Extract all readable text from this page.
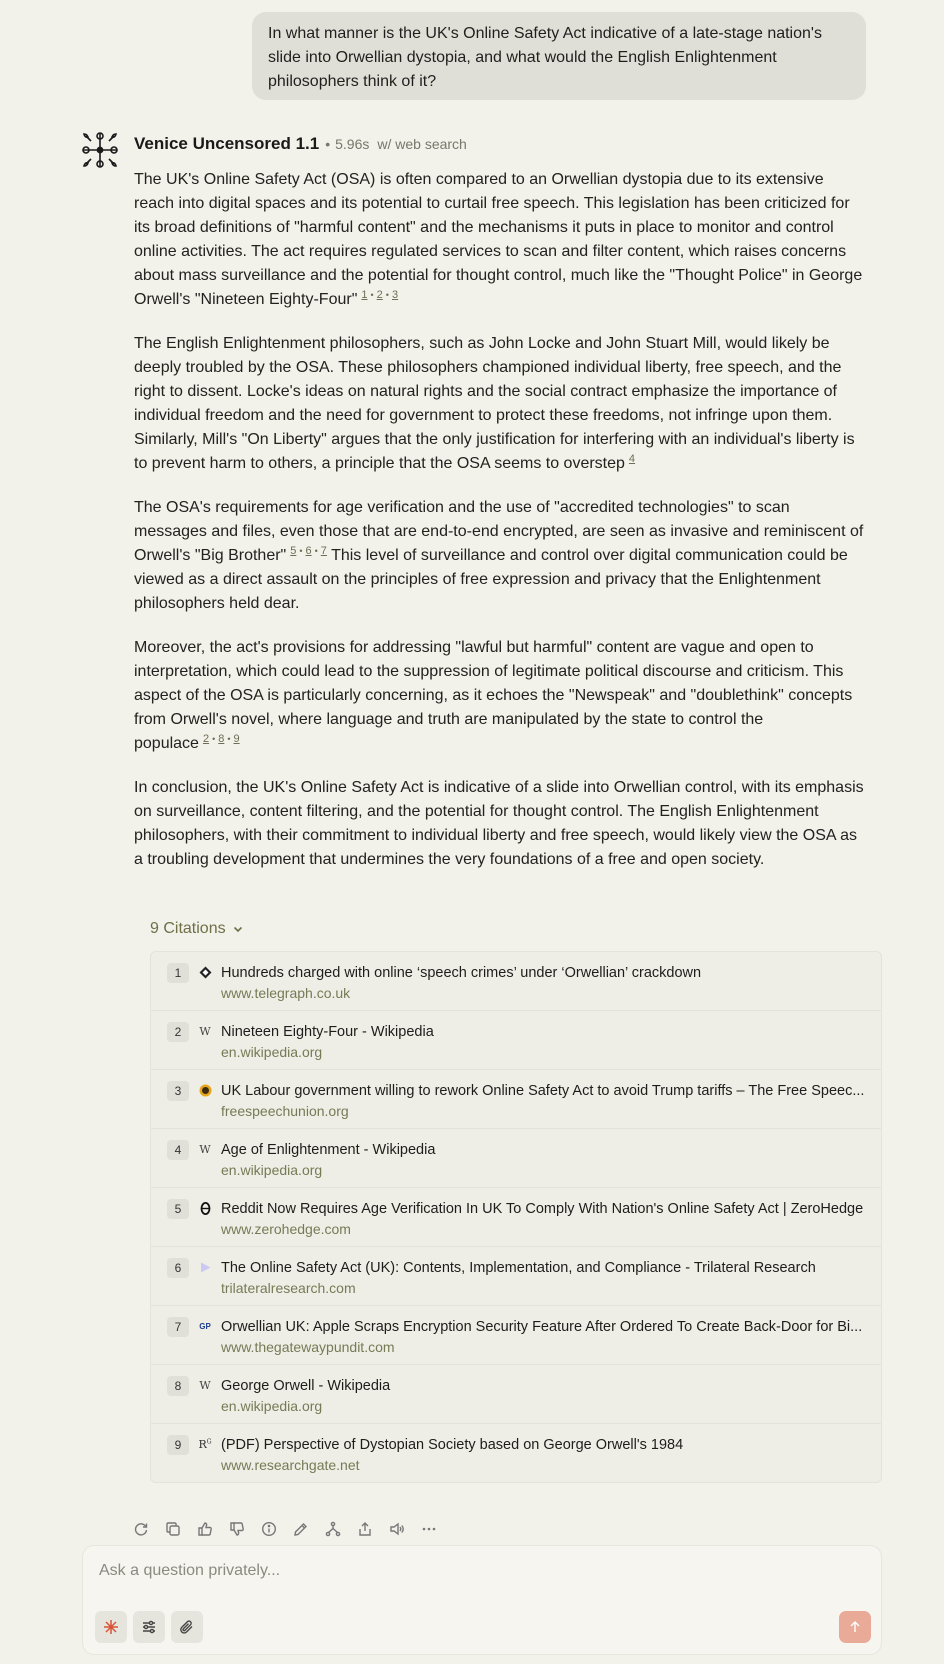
In what manner is the UK's Online Safety Act indicative of a late-stage nation's slide into Orwellian dystopia, and what would the English Enlightenment philosophers think of it?
Venice Uncensored 1.1 • 5.96s w/ web search

The UK's Online Safety Act (OSA) is often compared to an Orwellian dystopia due to its extensive reach into digital spaces and its potential to curtail free speech. This legislation has been criticized for its broad definitions of "harmful content" and the mechanisms it puts in place to monitor and control online activities. The act requires regulated services to scan and filter content, which raises concerns about mass surveillance and the potential for thought control, much like the "Thought Police" in George Orwell's "Nineteen Eighty-Four" $^{1 • 2 • 3}$

The English Enlightenment philosophers, such as John Locke and John Stuart Mill, would likely be deeply troubled by the OSA. These philosophers championed individual liberty, free speech, and the right to dissent. Locke's ideas on natural rights and the social contract emphasize the importance of individual freedom and the need for government to protect these freedoms, not infringe upon them. Similarly, Mill's "On Liberty" argues that the only justification for interfering with an individual's liberty is to prevent harm to others, a principle that the OSA seems to overstep $^4$

The OSA's requirements for age verification and the use of "accredited technologies" to scan messages and files, even those that are end-to-end encrypted, are seen as invasive and reminiscent of Orwell's "Big Brother" $^{5 • 6 • 7}$ This level of surveillance and control over digital communication could be viewed as a direct assault on the principles of free expression and privacy that the Enlightenment philosophers held dear.

Moreover, the act's provisions for addressing "lawful but harmful" content are vague and open to interpretation, which could lead to the suppression of legitimate political discourse and criticism. This aspect of the OSA is particularly concerning, as it echoes the "Newspeak" and "doublethink" concepts from Orwell's novel, where language and truth are manipulated by the state to control the populace $^{2 • 8 • 9}$

In conclusion, the UK's Online Safety Act is indicative of a slide into Orwellian control, with its emphasis on surveillance, content filtering, and the potential for thought control. The English Enlightenment philosophers, with their commitment to individual liberty and free speech, would likely view the OSA as a troubling development that undermines the very foundations of a free and open society.

9 Citations
1	Hundreds charged with online ‘speech crimes’ under ‘Orwellian’ crackdown
www.telegraph.co.uk
2	W Nineteen Eighty-Four - Wikipedia
en.wikipedia.org
3	UK Labour government willing to rework Online Safety Act to avoid Trump tariffs – The Free Speec...
freespeechunion.org
4	W Age of Enlightenment - Wikipedia
en.wikipedia.org
5	Reddit Now Requires Age Verification In UK To Comply With Nation's Online Safety Act | ZeroHedge
www.zerohedge.com
6	The Online Safety Act (UK): Contents, Implementation, and Compliance - Trilateral Research
trilateralresearch.com
7	GP Orwellian UK: Apple Scraps Encryption Security Feature After Ordered To Create Back-Door for Bi...
www.thegatewaypundit.com
8	W George Orwell - Wikipedia
en.wikipedia.org
9	$R^G$ (PDF) Perspective of Dystopian Society based on George Orwell's 1984
www.researchgate.net
Ask a question privately...
